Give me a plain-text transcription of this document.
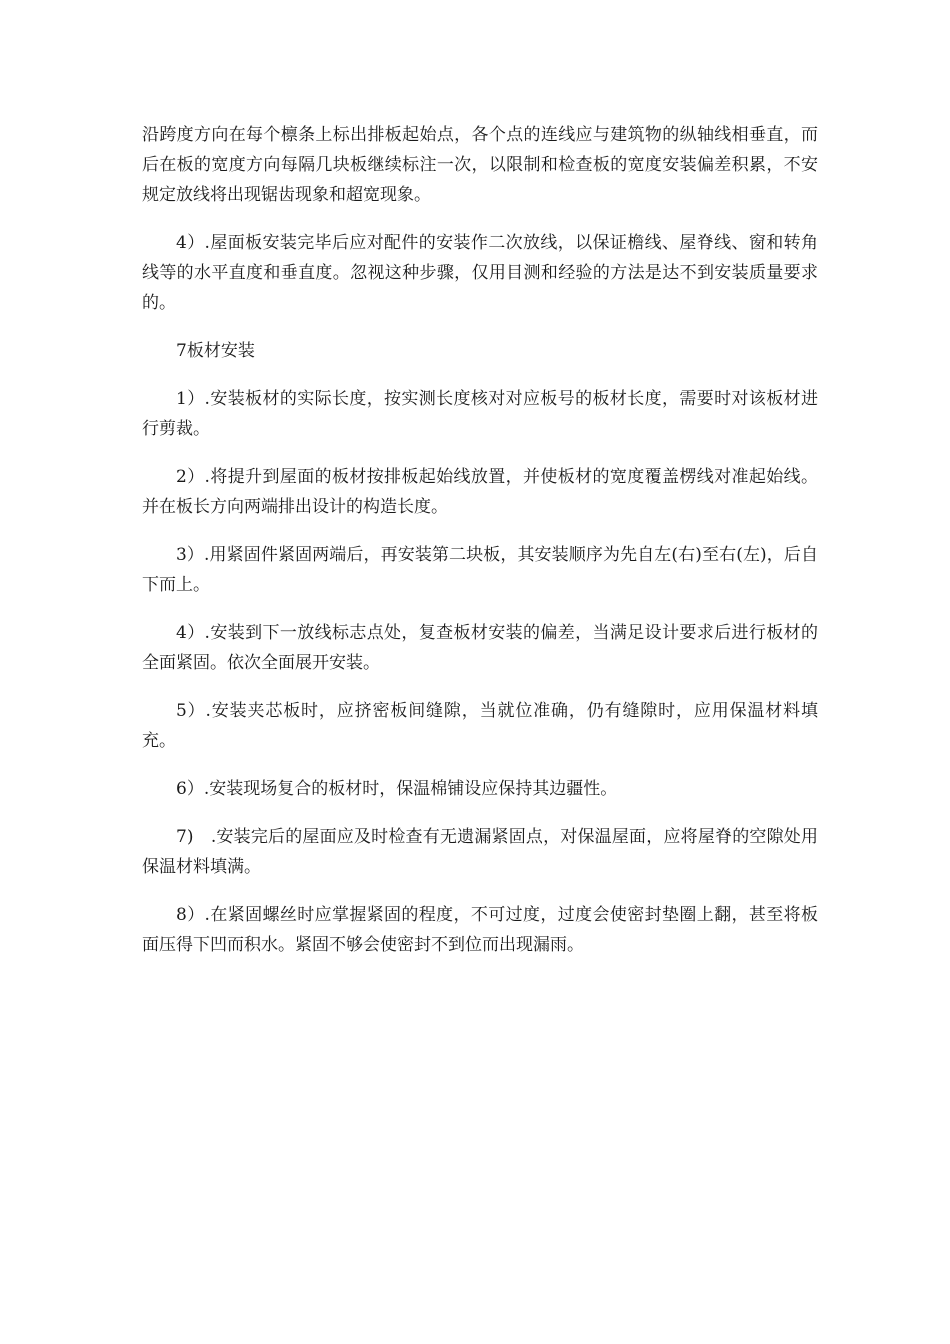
沿跨度方向在每个檩条上标出排板起始点，各个点的连线应与建筑物的纵轴线相垂直，而后在板的宽度方向每隔几块板继续标注一次，以限制和检查板的宽度安装偏差积累，不安规定放线将出现锯齿现象和超宽现象。

4）.屋面板安装完毕后应对配件的安装作二次放线，以保证檐线、屋脊线、窗和转角线等的水平直度和垂直度。忽视这种步骤，仅用目测和经验的方法是达不到安装质量要求的。

7板材安装

1）.安装板材的实际长度，按实测长度核对对应板号的板材长度，需要时对该板材进行剪裁。

2）.将提升到屋面的板材按排板起始线放置，并使板材的宽度覆盖楞线对准起始线。并在板长方向两端排出设计的构造长度。

3）.用紧固件紧固两端后，再安装第二块板，其安装顺序为先自左(右)至右(左)，后自下而上。

4）.安装到下一放线标志点处，复查板材安装的偏差，当满足设计要求后进行板材的全面紧固。依次全面展开安装。

5）.安装夹芯板时，应挤密板间缝隙，当就位准确，仍有缝隙时，应用保温材料填充。

6）.安装现场复合的板材时，保温棉铺设应保持其边疆性。

7)　.安装完后的屋面应及时检查有无遗漏紧固点，对保温屋面，应将屋脊的空隙处用保温材料填满。

8）.在紧固螺丝时应掌握紧固的程度，不可过度，过度会使密封垫圈上翻，甚至将板面压得下凹而积水。紧固不够会使密封不到位而出现漏雨。
